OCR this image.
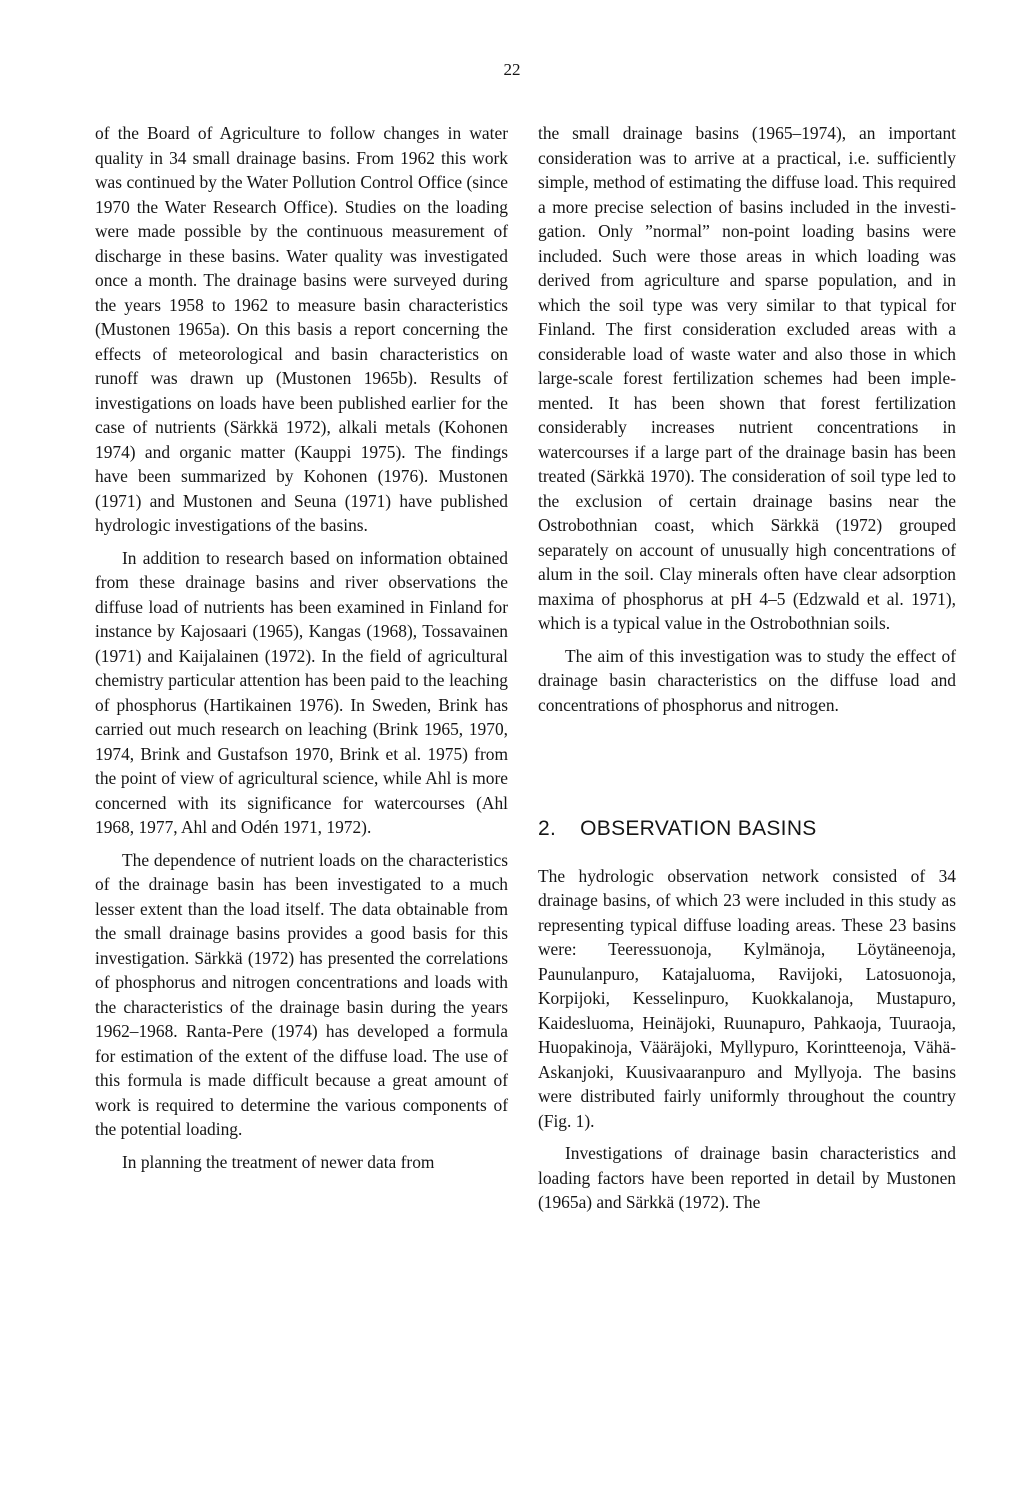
22

of the Board of Agriculture to follow changes in water quality in 34 small drainage basins. From 1962 this work was continued by the Water Pollution Control Office (since 1970 the Water Research Office). Studies on the loading were made possible by the continuous measurement of discharge in these basins. Water quality was investigated once a month. The drainage basins were surveyed during the years 1958 to 1962 to measure basin characteristics (Mustonen 1965a). On this basis a report concerning the effects of meteorological and basin characteristics on runoff was drawn up (Mustonen 1965b). Results of investigations on loads have been published earlier for the case of nutrients (Särkkä 1972), alkali metals (Kohonen 1974) and organic matter (Kauppi 1975). The findings have been summarized by Kohonen (1976). Mustonen (1971) and Mustonen and Seuna (1971) have published hydrologic investigations of the basins.

In addition to research based on information obtained from these drainage basins and river observations the diffuse load of nutrients has been examined in Finland for instance by Kajosaari (1965), Kangas (1968), Tossavainen (1971) and Kaijalainen (1972). In the field of agricultural chemistry particular attention has been paid to the leaching of phosphorus (Hartikainen 1976). In Sweden, Brink has carried out much research on leaching (Brink 1965, 1970, 1974, Brink and Gustafson 1970, Brink et al. 1975) from the point of view of agricultural science, while Ahl is more concerned with its significance for watercourses (Ahl 1968, 1977, Ahl and Odén 1971, 1972).

The dependence of nutrient loads on the characteristics of the drainage basin has been investigated to a much lesser extent than the load itself. The data obtainable from the small drainage basins provides a good basis for this investigation. Särkkä (1972) has presented the correlations of phosphorus and nitrogen concentrations and loads with the characteristics of the drainage basin during the years 1962–1968. Ranta-Pere (1974) has developed a formula for estimation of the extent of the diffuse load. The use of this formula is made difficult because a great amount of work is required to determine the various components of the potential loading.

In planning the treatment of newer data from

the small drainage basins (1965–1974), an important consideration was to arrive at a practical, i.e. sufficiently simple, method of estimating the diffuse load. This required a more precise selection of basins included in the investigation. Only ”normal” non-point loading basins were included. Such were those areas in which loading was derived from agriculture and sparse population, and in which the soil type was very similar to that typical for Finland. The first consideration excluded areas with a considerable load of waste water and also those in which large-scale forest fertilization schemes had been implemented. It has been shown that forest fertilization considerably increases nutrient concentrations in watercourses if a large part of the drainage basin has been treated (Särkkä 1970). The consideration of soil type led to the exclusion of certain drainage basins near the Ostrobothnian coast, which Särkkä (1972) grouped separately on account of unusually high concentrations of alum in the soil. Clay minerals often have clear adsorption maxima of phosphorus at pH 4–5 (Edzwald et al. 1971), which is a typical value in the Ostrobothnian soils.

The aim of this investigation was to study the effect of drainage basin characteristics on the diffuse load and concentrations of phosphorus and nitrogen.

2. OBSERVATION BASINS

The hydrologic observation network consisted of 34 drainage basins, of which 23 were included in this study as representing typical diffuse loading areas. These 23 basins were: Teeressuonoja, Kylmänoja, Löytäneenoja, Paunulanpuro, Katajaluoma, Ravijoki, Latosuonoja, Korpijoki, Kesselinpuro, Kuokkalanoja, Mustapuro, Kaidesluoma, Heinäjoki, Ruunapuro, Pahkaoja, Tuuraoja, Huopakinoja, Vääräjoki, Myllypuro, Korintteenoja, Vähä-Askanjoki, Kuusivaaranpuro and Myllyoja. The basins were distributed fairly uniformly throughout the country (Fig. 1).

Investigations of drainage basin characteristics and loading factors have been reported in detail by Mustonen (1965a) and Särkkä (1972). The
